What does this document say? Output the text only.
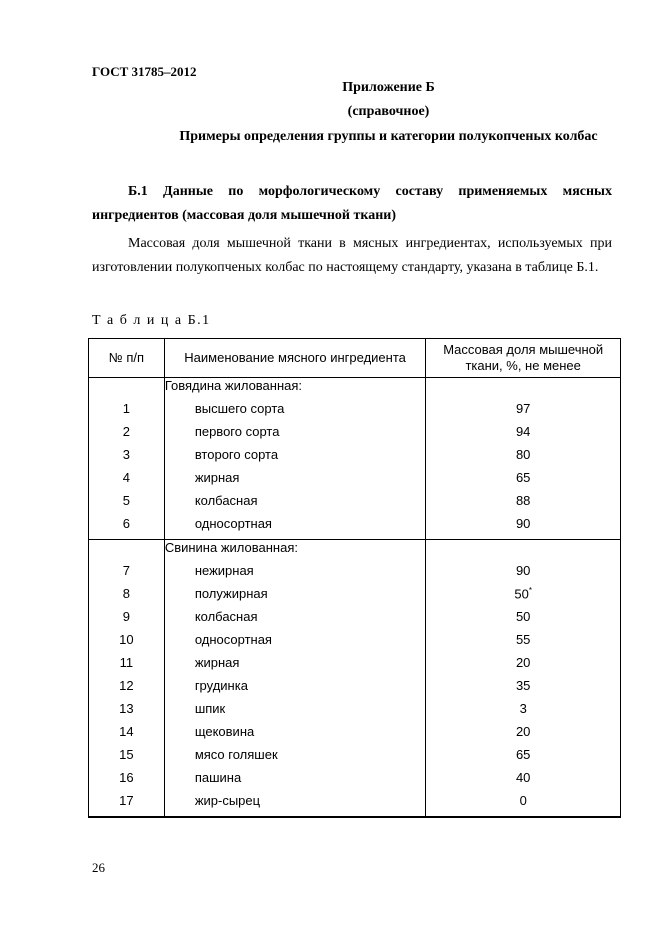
ГОСТ 31785–2012
Приложение Б
(справочное)
Примеры определения группы и категории полукопченых колбас
Б.1 Данные по морфологическому составу применяемых мясных ингредиентов (массовая доля мышечной ткани)
Массовая доля мышечной ткани в мясных ингредиентах, используемых при изготовлении полукопченых колбас по настоящему стандарту, указана в таблице Б.1.
Т а б л и ц а Б.1
№ п/п	Наименование мясного ингредиента	Массовая доля мышечной ткани, %, не менее
	Говядина жилованная:	
1	высшего сорта	97
2	первого сорта	94
3	второго сорта	80
4	жирная	65
5	колбасная	88
6	односортная	90
	Свинина жилованная:	
7	нежирная	90
8	полужирная	50*
9	колбасная	50
10	односортная	55
11	жирная	20
12	грудинка	35
13	шпик	3
14	щековина	20
15	мясо голяшек	65
16	пашина	40
17	жир-сырец	0
26
